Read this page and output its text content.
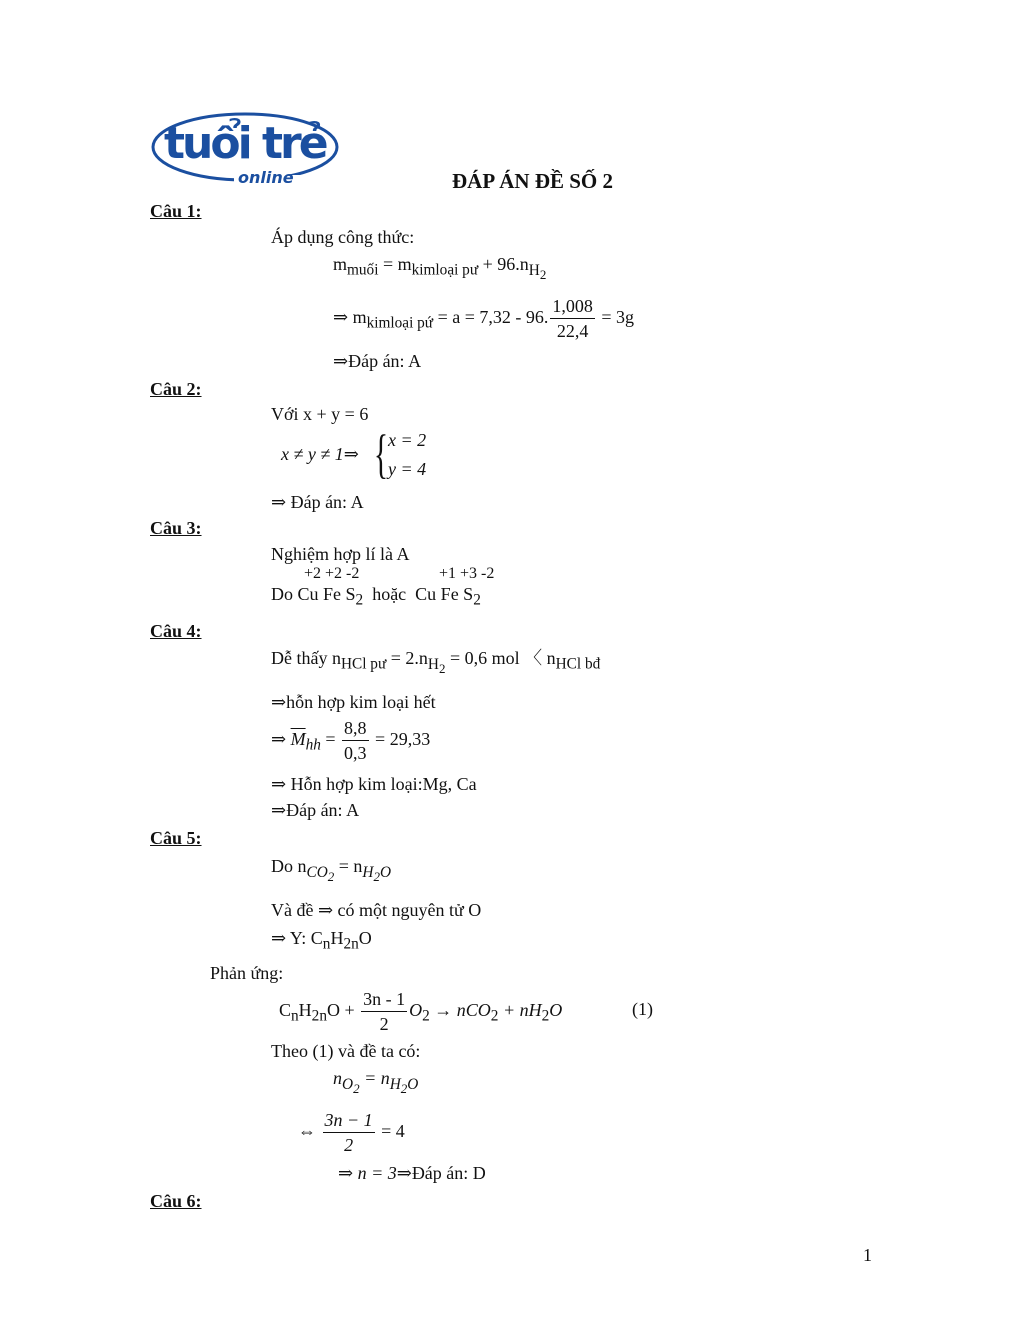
tuổi trẻ
online	ĐÁP ÁN ĐỀ SỐ 2
Câu 1:
Áp dụng công thức:
$m_{muối} = m_{kimloại pư} + 96.n_{H_2}$
⇒ $m_{kimloại pứ} = a = 7,32 - 96$. $\frac{1,008}{22,4} = 3g$
⇒Đáp án: A
Câu 2:
Với x + y = 6
x ≠ y ≠ 1⇒ { x = 2
y = 4
⇒ Đáp án: A
Câu 3:
Nghiệm hợp lí là A
+2 +2 -2	+1 +3 -2
Do Cu Fe $S_2$ hoặc Cu Fe $S_2$
Câu 4:
Dễ thấy $n_{HCl pư} = 2.n_{H_2} = 0,6$ mol 〈 $n_{HCl bđ}$
⇒hỗn hợp kim loại hết
⇒ $\overline{M}_{hh} = \frac{8,8}{0,3} = 29,33$
⇒ Hỗn hợp kim loại:Mg, Ca
⇒Đáp án: A
Câu 5:
Do $n_{CO_2} = n_{H_2O}$
Và đề ⇒ có một nguyên tử O
⇒ Y: $C_nH_{2n}O$
Phản ứng:
$C_nH_{2n}O + \frac{3n - 1}{2} O_2 \to nCO_2 + nH_2O$	(1)
Theo (1) và đề ta có:
$n_{O_2} = n_{H_2O}$
⇔ $\frac{3n - 1}{2} = 4$
⇒ n = 3⇒Đáp án: D
Câu 6:
1
